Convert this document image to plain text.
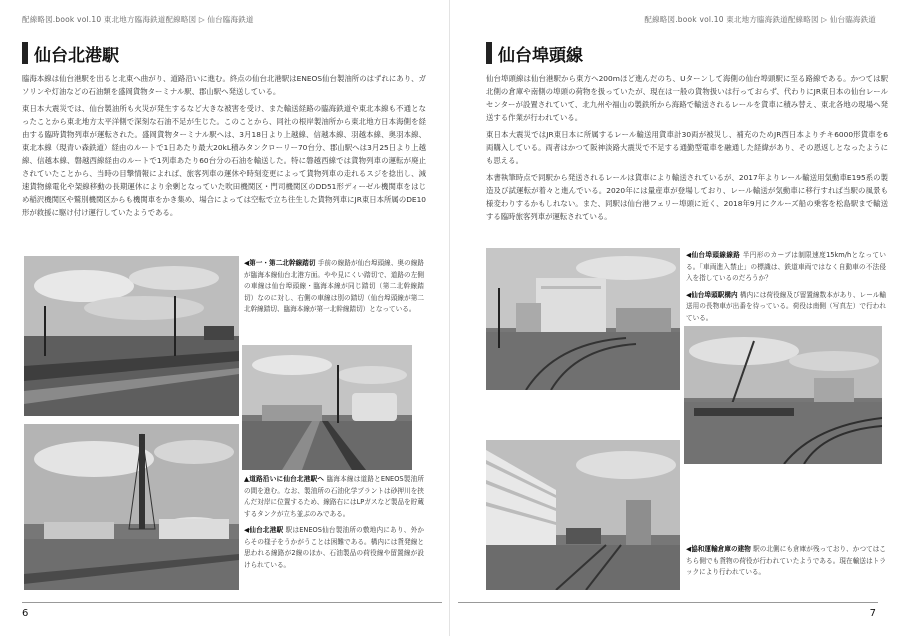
配線略図.book vol.10 東北地方臨海鉄道配線略図 ▷ 仙台臨海鉄道
仙台北港駅

臨海本線は仙台港駅を出ると北東へ曲がり、道路沿いに進む。終点の仙台北港駅はENEOS仙台製油所のはずれにあり、ガソリンや灯油などの石油類を盛岡貨物ターミナル駅、郡山駅へ発送している。

東日本大震災では、仙台製油所も火災が発生するなど大きな被害を受け、また輸送経路の臨海鉄道や東北本線も不通となったことから東北地方太平洋側で深刻な石油不足が生じた。このことから、同社の根岸製油所から東北地方日本海側を経由する臨時貨物列車が運転された。盛岡貨物ターミナル駅へは、3月18日より上越線、信越本線、羽越本線、奥羽本線、東北本線（現青い森鉄道）経由のルートで1日あたり最大20kL積みタンクローリー70台分、郡山駅へは3月25日より上越線、信越本線、磐越西線経由のルートで1列車あたり60台分の石油を輸送した。特に磐越西線では貨物列車の運転が廃止されていたことから、当時の目撃情報によれば、旅客列車の運休や時刻変更によって貨物列車の走れるスジを捻出し、減速貨物線電化や架線移動の長期運休により余剰となっていた吹田機関区・門司機関区のDD51形ディーゼル機関車をはじめ稲沢機関区や鷲別機関区からも機関車をかき集め、場合によっては空転で立ち往生した貨物列車にJR東日本所属のDE10形が救援に駆け付け運行していたようである。

◀第一・第二北幹線踏切 手前の線路が仙台埠頭線、奥の線路が臨海本線仙台北港方面。やや見にくい踏切で、道路の左側の車線は仙台埠頭線・臨海本線が同じ踏切（第二北幹線踏切）なのに対し、右側の車線は別の踏切（仙台埠頭線が第二北幹線踏切、臨海本線が第一北幹線踏切）となっている。

▲道路沿いに仙台北港駅へ 臨海本線は道路とENEOS製油所の間を進む。なお、製油所の石油化学プラントは砂押川を挟んだ対岸に位置するため、線路右にはLPガスなど製品を貯蔵するタンクが立ち並ぶのみである。

◀仙台北港駅 駅はENEOS仙台製油所の敷地内にあり、外からその様子をうかがうことは困難である。構内には貨発線と思われる線路が2線のほか、石油製品の荷役線や留置線が設けられている。

6
配線略図.book vol.10 東北地方臨海鉄道配線略図 ▷ 仙台臨海鉄道
仙台埠頭線

仙台埠頭線は仙台港駅から東方へ200mほど進んだのち、Uターンして海側の仙台埠頭駅に至る路線である。かつては駅北側の倉庫や南側の埠頭の荷物を扱っていたが、現在は一般の貨物扱いは行っておらず、代わりにJR東日本の仙台レールセンターが設置されていて、北九州や福山の製鉄所から海路で輸送されるレールを貨車に積み替え、東北各地の現場へ発送する作業が行われている。

東日本大震災ではJR東日本に所属するレール輸送用貨車計30両が被災し、補充のためJR西日本よりチキ6000形貨車を6両購入している。両者はかつて阪神淡路大震災で不足する通勤型電車を融通した経緯があり、その恩返しとなったようにも思える。

本書執筆時点で同駅から発送されるレールは貨車により輸送されているが、2017年よりレール輸送用気動車E195系の製造及び試運転が着々と進んでいる。2020年には量産車が登場しており、レール輸送が気動車に移行すれば当駅の風景も様変わりするかもしれない。また、同駅は仙台港フェリー埠頭に近く、2018年9月にクルーズ船の乗客を松島駅まで輸送する臨時旅客列車が運転されている。

◀仙台埠頭線線路 半円形のカーブは制限速度15km/hとなっている。「車両進入禁止」の標識は、鉄道車両ではなく自動車の不法侵入を指しているのだろうか？

◀仙台埠頭駅構内 構内には荷役線及び留置線数本があり、レール輸送用の長物車が出番を待っている。荷役は南側（写真左）で行われている。

◀協和運輸倉庫の建物 駅の北側にも倉庫が残っており、かつてはこちら側でも貨物の荷役が行われていたようである。現在輸送はトラックにより行われている。

7
